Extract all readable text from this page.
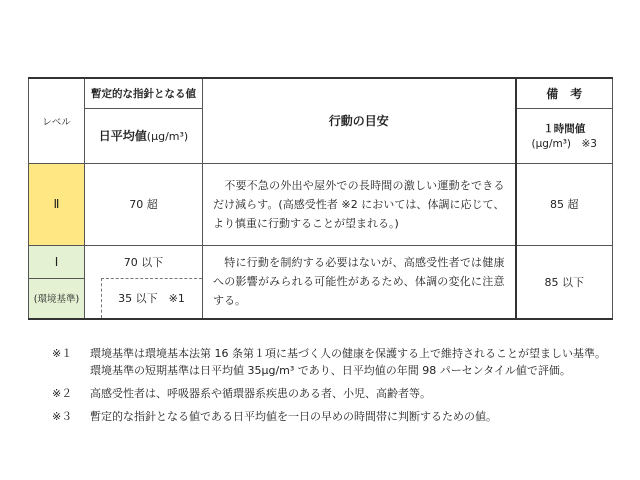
レベル	暫定的な指針となる値	行動の目安	備　考
	日平均値(μg/m³)		１時間値
(μg/m³)　※3

Ⅱ	70 超	　不要不急の外出や屋外での長時間の激しい運動をできるだけ減らす。(高感受性者 ※2 においては、体調に応じて、より慎重に行動することが望まれる。)	85 超
Ⅰ	70 以下	　特に行動を制約する必要はないが、高感受性者では健康への影響がみられる可能性があるため、体調の変化に注意する。	85 以下
(環境基準)	35 以下　※1		
※１	環境基準は環境基本法第 16 条第１項に基づく人の健康を保護する上で維持されることが望ましい基準。
環境基準の短期基準は日平均値 35μg/m³ であり、日平均値の年間 98 パーセンタイル値で評価。
※２	高感受性者は、呼吸器系や循環器系疾患のある者、小児、高齢者等。
※３	暫定的な指針となる値である日平均値を一日の早めの時間帯に判断するための値。
